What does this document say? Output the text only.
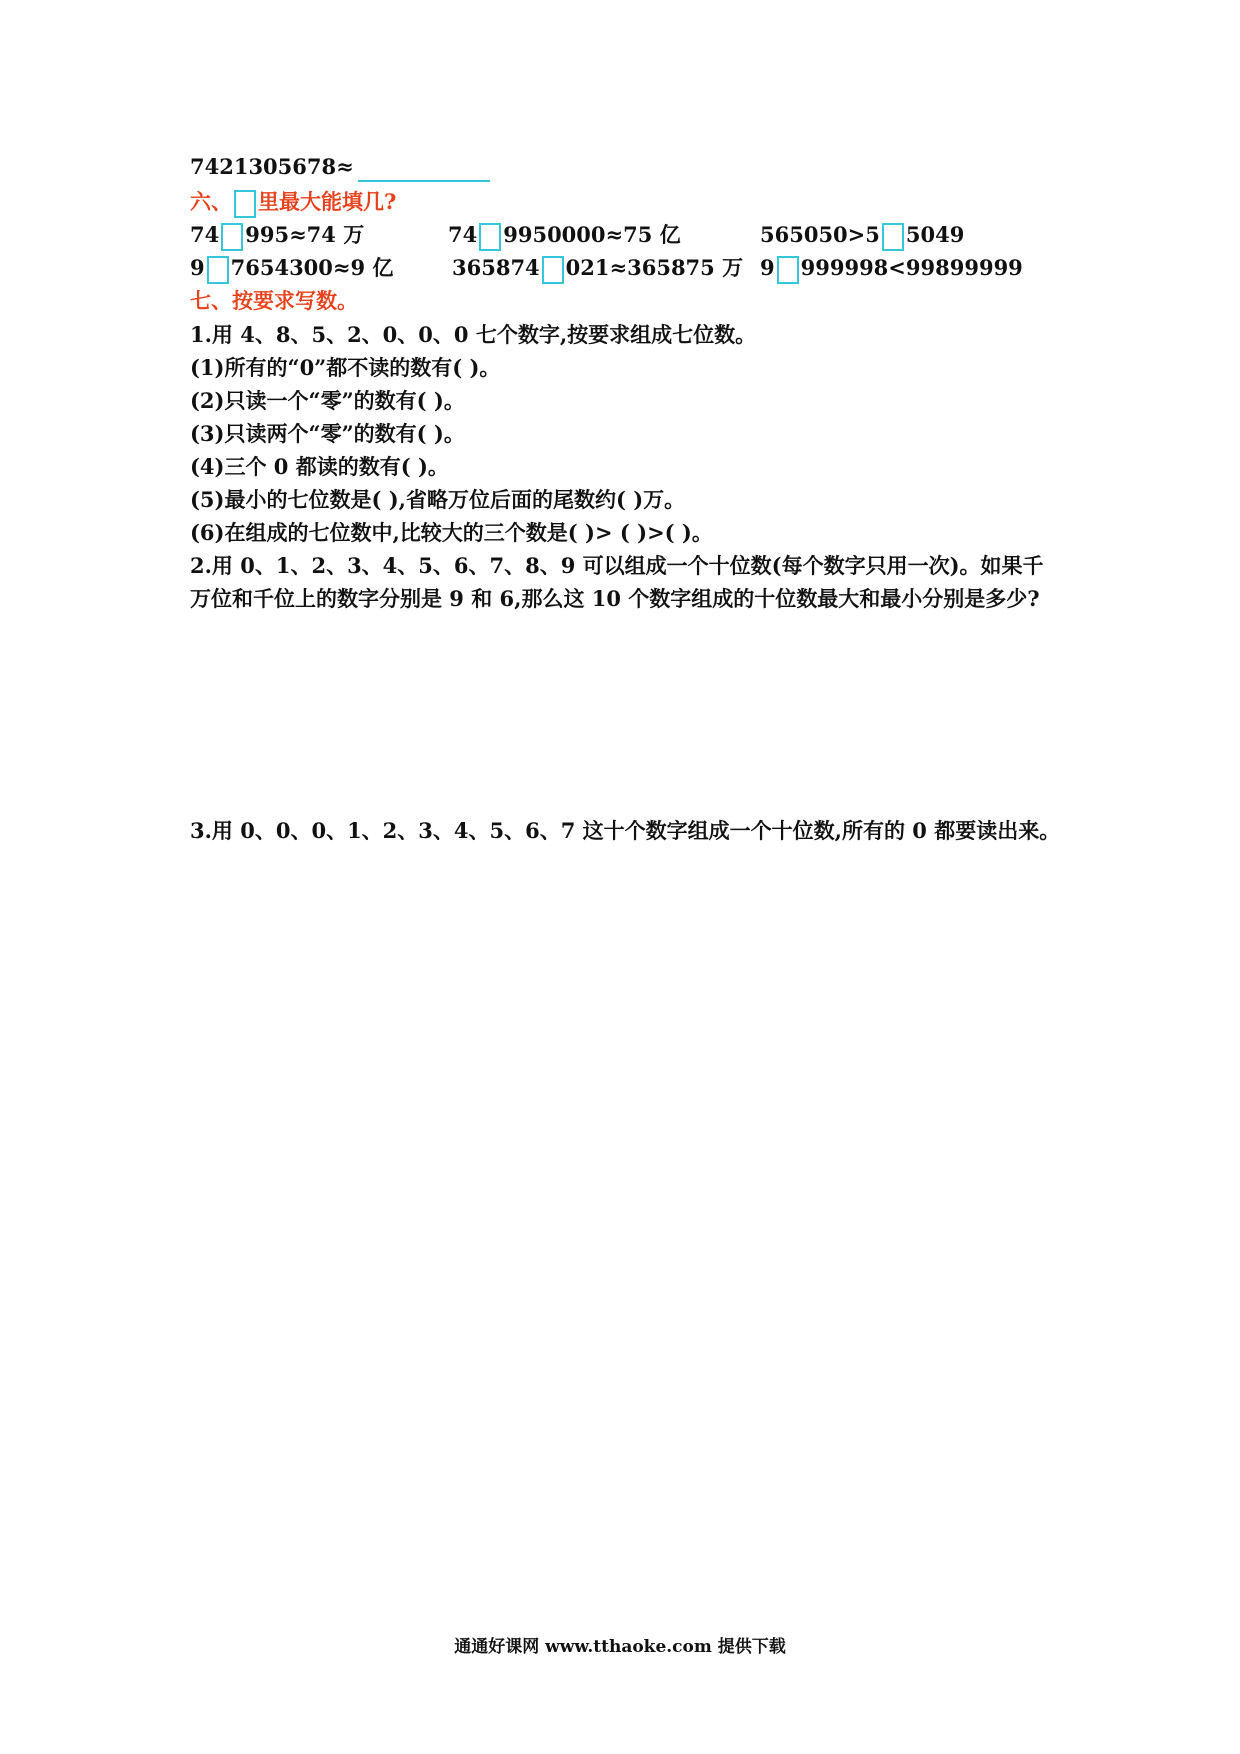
7421305678≈
六、 里最大能填几?
74 995≈74 万	74 9950000≈75 亿	565050>5 5049
9 7654300≈9 亿	365874 021≈365875 万 9 999998<99899999
七、按要求写数。
1.用 4、8、5、2、0、0、0 七个数字,按要求组成七位数。
(1)所有的“0”都不读的数有( )。
(2)只读一个“零”的数有( )。
(3)只读两个“零”的数有( )。
(4)三个 0 都读的数有( )。
(5)最小的七位数是( ),省略万位后面的尾数约( )万。
(6)在组成的七位数中,比较大的三个数是( )> ( )>( )。
2.用 0、1、2、3、4、5、6、7、8、9 可以组成一个十位数(每个数字只用一次)。如果千
万位和千位上的数字分别是 9 和 6,那么这 10 个数字组成的十位数最大和最小分别是多少?
3.用 0、0、0、1、2、3、4、5、6、7 这十个数字组成一个十位数,所有的 0 都要读出来。
通通好课网 www.tthaoke.com 提供下载
